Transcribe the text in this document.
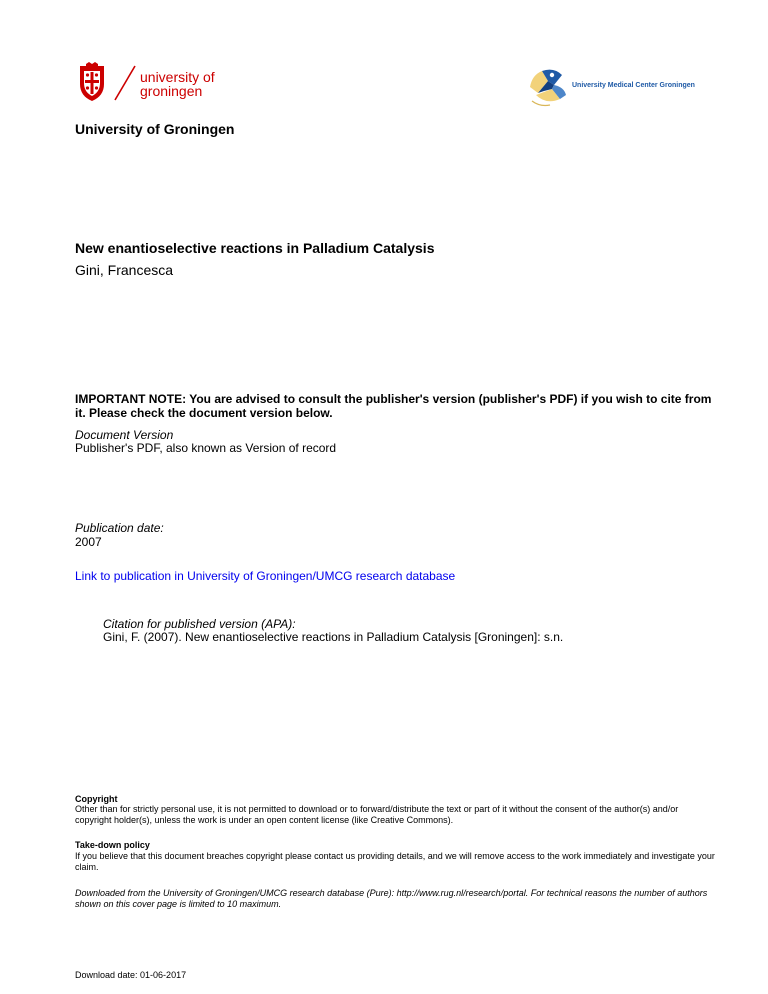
university of
groningen	University Medical Center Groningen
University of Groningen
New enantioselective reactions in Palladium Catalysis
Gini, Francesca
IMPORTANT NOTE: You are advised to consult the publisher's version (publisher's PDF) if you wish to cite from it. Please check the document version below.
Document Version
Publisher's PDF, also known as Version of record
Publication date:
2007
Link to publication in University of Groningen/UMCG research database
Citation for published version (APA):
Gini, F. (2007). New enantioselective reactions in Palladium Catalysis [Groningen]: s.n.
Copyright
Other than for strictly personal use, it is not permitted to download or to forward/distribute the text or part of it without the consent of the author(s) and/or copyright holder(s), unless the work is under an open content license (like Creative Commons).
Take-down policy
If you believe that this document breaches copyright please contact us providing details, and we will remove access to the work immediately and investigate your claim.
Downloaded from the University of Groningen/UMCG research database (Pure): http://www.rug.nl/research/portal. For technical reasons the number of authors shown on this cover page is limited to 10 maximum.
Download date: 01-06-2017
